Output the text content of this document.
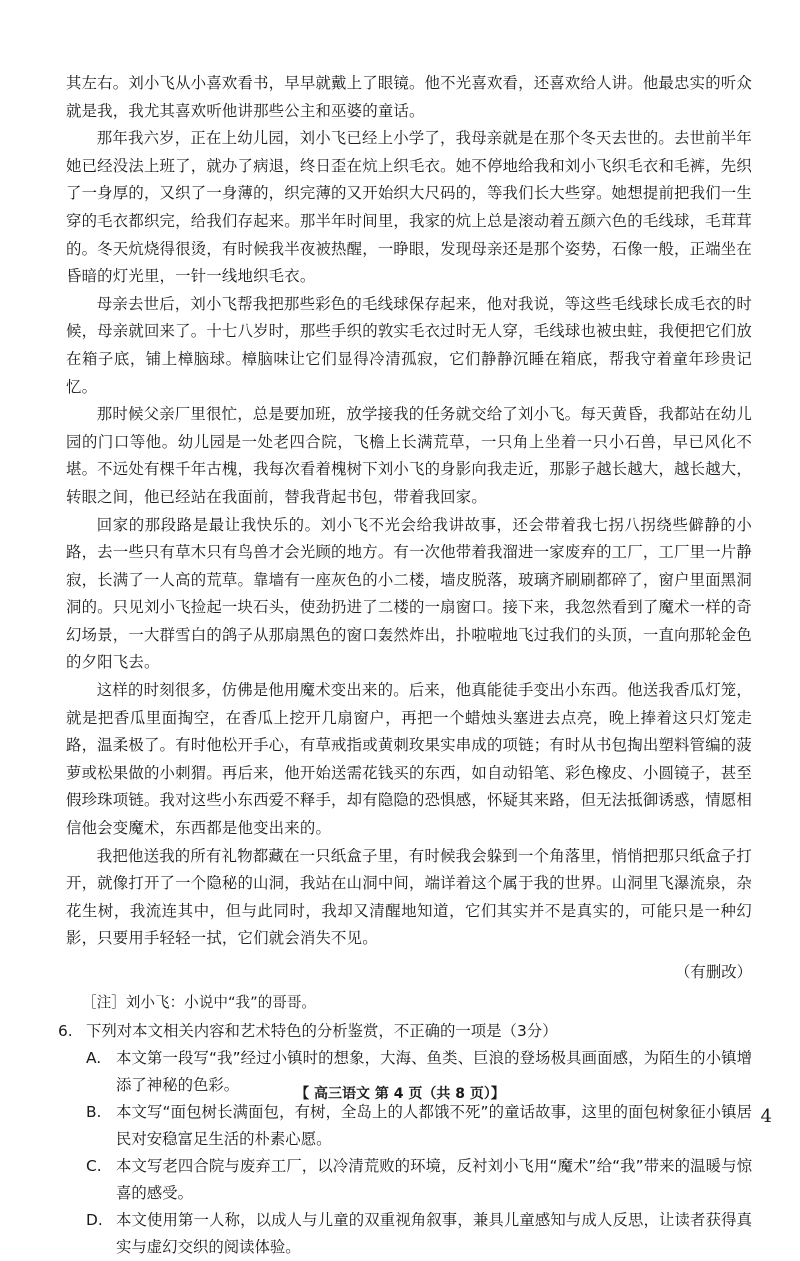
其左右。刘小飞从小喜欢看书，早早就戴上了眼镜。他不光喜欢看，还喜欢给人讲。他最忠实的听众就是我，我尤其喜欢听他讲那些公主和巫婆的童话。

那年我六岁，正在上幼儿园，刘小飞已经上小学了，我母亲就是在那个冬天去世的。去世前半年她已经没法上班了，就办了病退，终日歪在炕上织毛衣。她不停地给我和刘小飞织毛衣和毛裤，先织了一身厚的，又织了一身薄的，织完薄的又开始织大尺码的，等我们长大些穿。她想提前把我们一生穿的毛衣都织完，给我们存起来。那半年时间里，我家的炕上总是滚动着五颜六色的毛线球，毛茸茸的。冬天炕烧得很烫，有时候我半夜被热醒，一睁眼，发现母亲还是那个姿势，石像一般，正端坐在昏暗的灯光里，一针一线地织毛衣。

母亲去世后，刘小飞帮我把那些彩色的毛线球保存起来，他对我说，等这些毛线球长成毛衣的时候，母亲就回来了。十七八岁时，那些手织的敦实毛衣过时无人穿，毛线球也被虫蛀，我便把它们放在箱子底，铺上樟脑球。樟脑味让它们显得冷清孤寂，它们静静沉睡在箱底，帮我守着童年珍贵记忆。

那时候父亲厂里很忙，总是要加班，放学接我的任务就交给了刘小飞。每天黄昏，我都站在幼儿园的门口等他。幼儿园是一处老四合院，飞檐上长满荒草，一只角上坐着一只小石兽，早已风化不堪。不远处有棵千年古槐，我每次看着槐树下刘小飞的身影向我走近，那影子越长越大，越长越大，转眼之间，他已经站在我面前，替我背起书包，带着我回家。

回家的那段路是最让我快乐的。刘小飞不光会给我讲故事，还会带着我七拐八拐绕些僻静的小路，去一些只有草木只有鸟兽才会光顾的地方。有一次他带着我溜进一家废弃的工厂，工厂里一片静寂，长满了一人高的荒草。靠墙有一座灰色的小二楼，墙皮脱落，玻璃齐刷刷都碎了，窗户里面黑洞洞的。只见刘小飞捡起一块石头，使劲扔进了二楼的一扇窗口。接下来，我忽然看到了魔术一样的奇幻场景，一大群雪白的鸽子从那扇黑色的窗口轰然炸出，扑啦啦地飞过我们的头顶，一直向那轮金色的夕阳飞去。

这样的时刻很多，仿佛是他用魔术变出来的。后来，他真能徒手变出小东西。他送我香瓜灯笼，就是把香瓜里面掏空，在香瓜上挖开几扇窗户，再把一个蜡烛头塞进去点亮，晚上捧着这只灯笼走路，温柔极了。有时他松开手心，有草戒指或黄刺玫果实串成的项链；有时从书包掏出塑料管编的菠萝或松果做的小刺猬。再后来，他开始送需花钱买的东西，如自动铅笔、彩色橡皮、小圆镜子，甚至假珍珠项链。我对这些小东西爱不释手，却有隐隐的恐惧感，怀疑其来路，但无法抵御诱惑，情愿相信他会变魔术，东西都是他变出来的。

我把他送我的所有礼物都藏在一只纸盒子里，有时候我会躲到一个角落里，悄悄把那只纸盒子打开，就像打开了一个隐秘的山洞，我站在山洞中间，端详着这个属于我的世界。山洞里飞瀑流泉，杂花生树，我流连其中，但与此同时，我却又清醒地知道，它们其实并不是真实的，可能只是一种幻影，只要用手轻轻一拭，它们就会消失不见。

（有删改）

［注］刘小飞：小说中“我”的哥哥。

6. 下列对本文相关内容和艺术特色的分析鉴赏，不正确的一项是（3分）
A. 本文第一段写“我”经过小镇时的想象，大海、鱼类、巨浪的登场极具画面感，为陌生的小镇增添了神秘的色彩。
B. 本文写“面包树长满面包，有树，全岛上的人都饿不死”的童话故事，这里的面包树象征小镇居民对安稳富足生活的朴素心愿。
C. 本文写老四合院与废弃工厂，以冷清荒败的环境，反衬刘小飞用“魔术”给“我”带来的温暖与惊喜的感受。
D. 本文使用第一人称，以成人与儿童的双重视角叙事，兼具儿童感知与成人反思，让读者获得真实与虚幻交织的阅读体验。
【 高三语文 第 4 页（共 8 页）】
4
